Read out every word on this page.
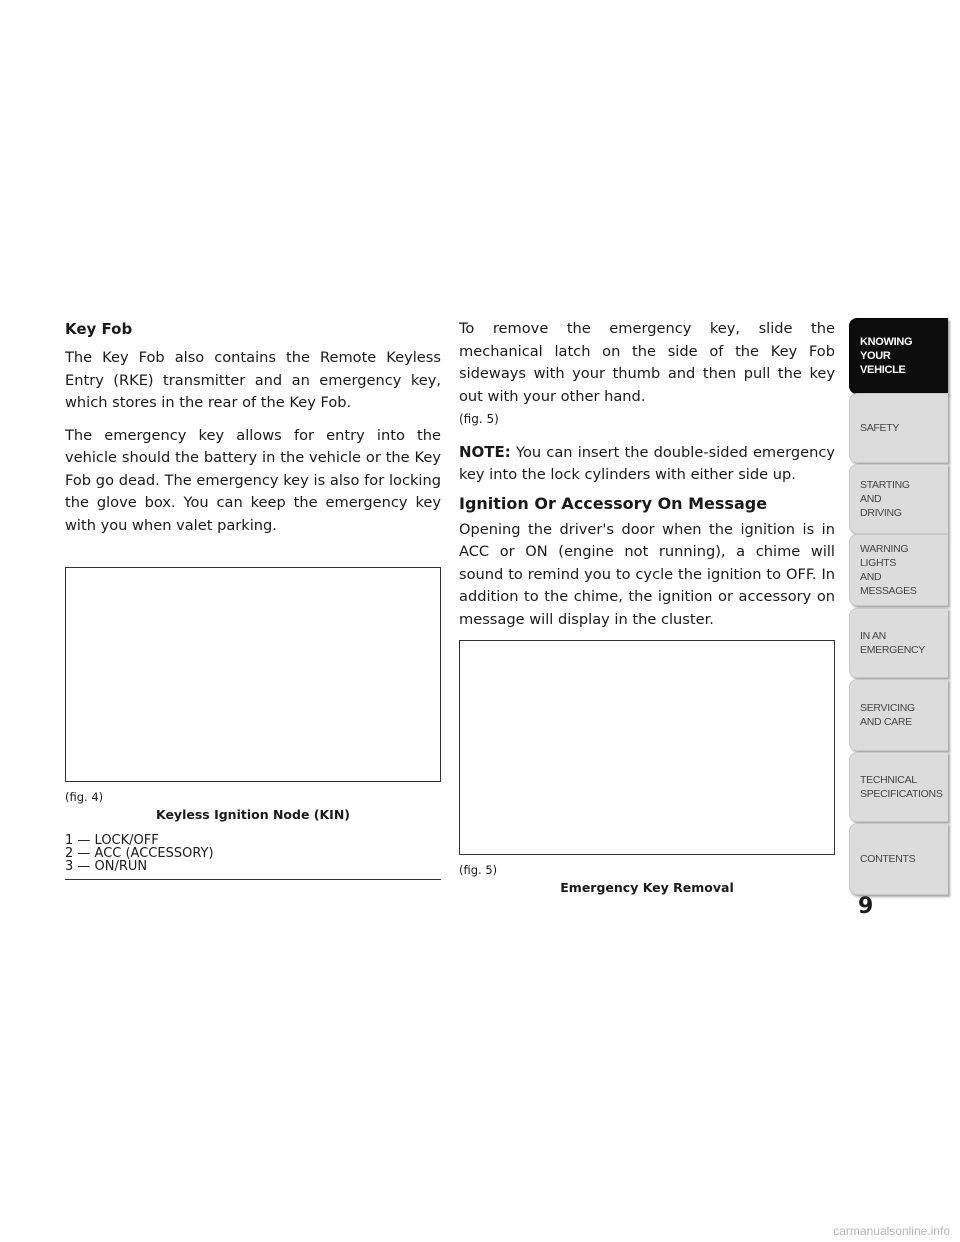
Key Fob

The Key Fob also contains the Remote Keyless Entry (RKE) transmitter and an emergency key, which stores in the rear of the Key Fob.

The emergency key allows for entry into the vehicle should the battery in the vehicle or the Key Fob go dead. The emergency key is also for locking the glove box. You can keep the emergency key with you when valet parking.

(fig. 4)
Keyless Ignition Node (KIN)
1 — LOCK/OFF
2 — ACC (ACCESSORY)
3 — ON/RUN

To remove the emergency key, slide the mechanical latch on the side of the Key Fob sideways with your thumb and then pull the key out with your other hand.
(fig. 5)

NOTE: You can insert the double-sided emergency key into the lock cylinders with either side up.

Ignition Or Accessory On Message

Opening the driver's door when the ignition is in ACC or ON (engine not running), a chime will sound to remind you to cycle the ignition to OFF. In addition to the chime, the ignition or accessory on message will display in the cluster.

(fig. 5)
Emergency Key Removal
KNOWING
YOUR
VEHICLE
SAFETY
STARTING
AND
DRIVING
WARNING
LIGHTS
AND
MESSAGES
IN AN
EMERGENCY
SERVICING
AND CARE
TECHNICAL
SPECIFICATIONS
CONTENTS
9
carmanualsonline.info
